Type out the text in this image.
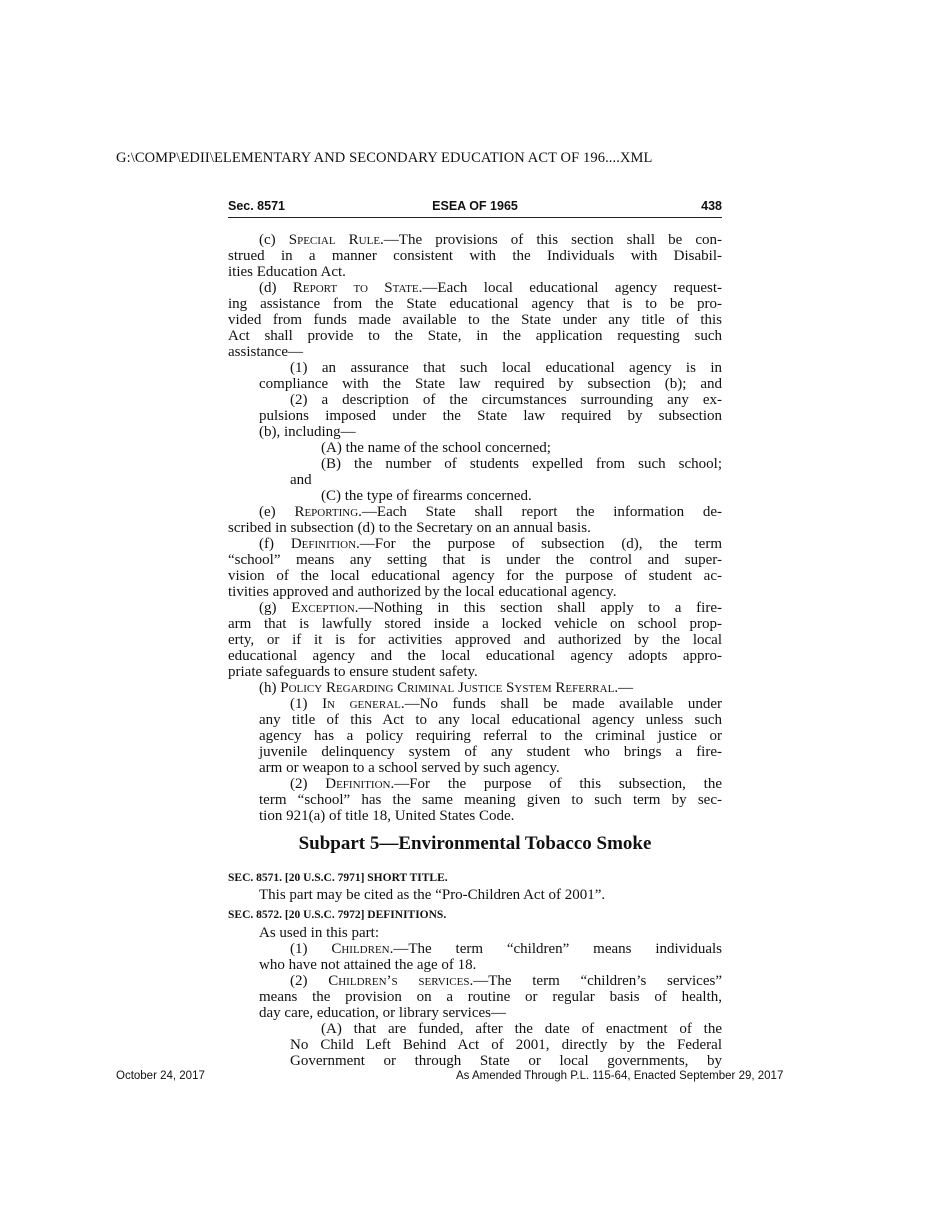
G:\COMP\EDII\ELEMENTARY AND SECONDARY EDUCATION ACT OF 196....XML
Sec. 8571	ESEA OF 1965	438
(c) Special Rule.—The provisions of this section shall be con-
strued in a manner consistent with the Individuals with Disabil-
ities Education Act.
(d) Report to State.—Each local educational agency request-
ing assistance from the State educational agency that is to be pro-
vided from funds made available to the State under any title of this
Act shall provide to the State, in the application requesting such
assistance—
(1) an assurance that such local educational agency is in
compliance with the State law required by subsection (b); and
(2) a description of the circumstances surrounding any ex-
pulsions imposed under the State law required by subsection
(b), including—
(A) the name of the school concerned;
(B) the number of students expelled from such school;
and
(C) the type of firearms concerned.
(e) Reporting.—Each State shall report the information de-
scribed in subsection (d) to the Secretary on an annual basis.
(f) Definition.—For the purpose of subsection (d), the term
“school” means any setting that is under the control and super-
vision of the local educational agency for the purpose of student ac-
tivities approved and authorized by the local educational agency.
(g) Exception.—Nothing in this section shall apply to a fire-
arm that is lawfully stored inside a locked vehicle on school prop-
erty, or if it is for activities approved and authorized by the local
educational agency and the local educational agency adopts appro-
priate safeguards to ensure student safety.
(h) Policy Regarding Criminal Justice System Referral.—
(1) In general.—No funds shall be made available under
any title of this Act to any local educational agency unless such
agency has a policy requiring referral to the criminal justice or
juvenile delinquency system of any student who brings a fire-
arm or weapon to a school served by such agency.
(2) Definition.—For the purpose of this subsection, the
term “school” has the same meaning given to such term by sec-
tion 921(a) of title 18, United States Code.
Subpart 5—Environmental Tobacco Smoke
SEC. 8571. [20 U.S.C. 7971] SHORT TITLE.
This part may be cited as the “Pro-Children Act of 2001”.
SEC. 8572. [20 U.S.C. 7972] DEFINITIONS.
As used in this part:
(1) Children.—The term “children” means individuals
who have not attained the age of 18.
(2) Children’s services.—The term “children’s services”
means the provision on a routine or regular basis of health,
day care, education, or library services—
(A) that are funded, after the date of enactment of the
No Child Left Behind Act of 2001, directly by the Federal
Government or through State or local governments, by
October 24, 2017	As Amended Through P.L. 115-64, Enacted September 29, 2017
